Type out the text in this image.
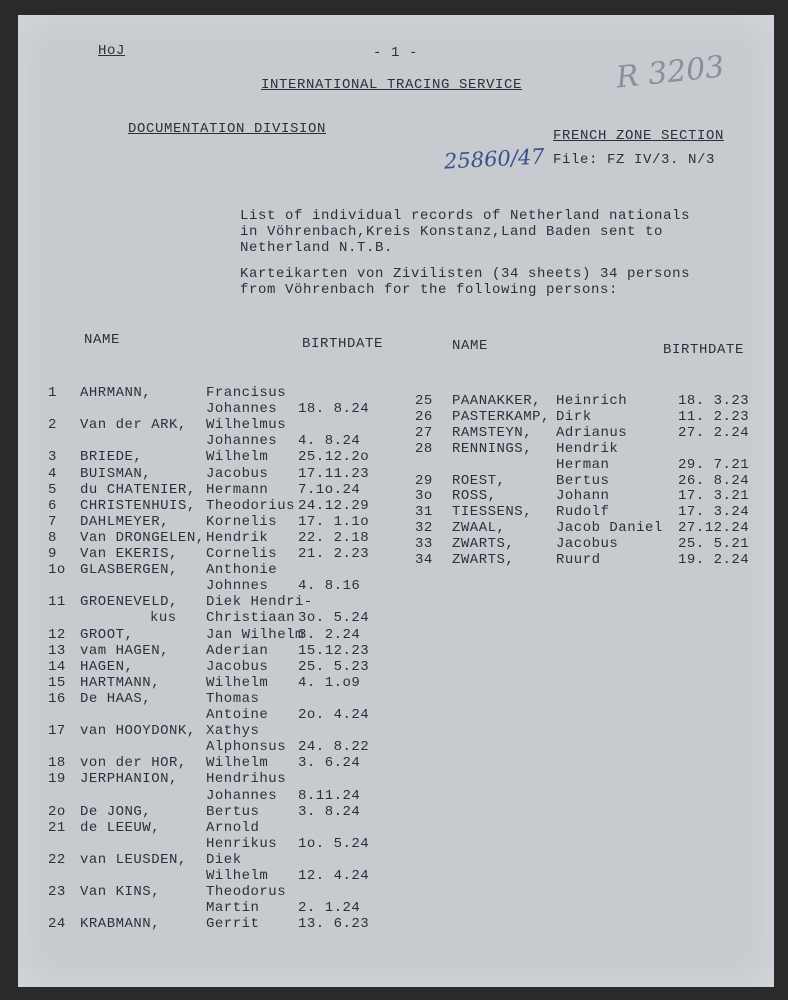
HoJ	- 1 -
INTERNATIONAL TRACING SERVICE	R 3203
DOCUMENTATION DIVISION	FRENCH ZONE SECTION
File: FZ IV/3. N/3
25860/47
List of individual records of Netherland nationals
in Vöhrenbach,Kreis Konstanz,Land Baden sent to
Netherland N.T.B.
Karteikarten von Zivilisten (34 sheets) 34 persons
from Vöhrenbach for the following persons:
NAME	BIRTHDATE	NAME	BIRTHDATE
1 AHRMANN,	Francisus
Johannes 18. 8.24
2 Van der ARK, Wilhelmus
Johannes 4. 8.24
3 BRIEDE,	Wilhelm 25.12.2o
4 BUISMAN,	Jacobus 17.11.23
5 du CHATENIER, Hermann 7.1o.24
6 CHRISTENHUIS, Theodorius 24.12.29
7 DAHLMEYER,	Kornelis 17. 1.1o
8 Van DRONGELEN, Hendrik 22. 2.18
9 Van EKERIS, Cornelis 21. 2.23
1o GLASBERGEN, Anthonie
Johnnes 4. 8.16
11 GROENEVELD, Diek Hendri-
kus Christiaan 3o. 5.24
12 GROOT,	Jan Wilhelm
3. 2.24
13 vam HAGEN,	Aderian 15.12.23
14 HAGEN,	Jacobus 25. 5.23
15 HARTMANN,	Wilhelm 4. 1.o9
16 De HAAS,	Thomas
Antoine 2o. 4.24
17 van HOOYDONK, Xathys
Alphonsus 24. 8.22
18 von der HOR, Wilhelm 3. 6.24
19 JERPHANION, Hendrihus
Johannes 8.11.24
2o De JONG,	Bertus	3. 8.24
21 de LEEUW,	Arnold
Henrikus 1o. 5.24
22 van LEUSDEN, Diek
Wilhelm 12. 4.24
23 Van KINS,	Theodorus
Martin	2. 1.24
24 KRABMANN,	Gerrit	13. 6.23
25 PAANAKKER, Heinrich	18. 3.23
26 PASTERKAMP, Dirk	11. 2.23
27 RAMSTEYN, Adrianus	27. 2.24
28 RENNINGS, Hendrik
Herman	29. 7.21
29 ROEST,	Bertus	26. 8.24
3o ROSS,	Johann	17. 3.21
31 TIESSENS, Rudolf	17. 3.24
32 ZWAAL,	Jacob Daniel 27.12.24
33 ZWARTS,	Jacobus	25. 5.21
34 ZWARTS,	Ruurd	19. 2.24
